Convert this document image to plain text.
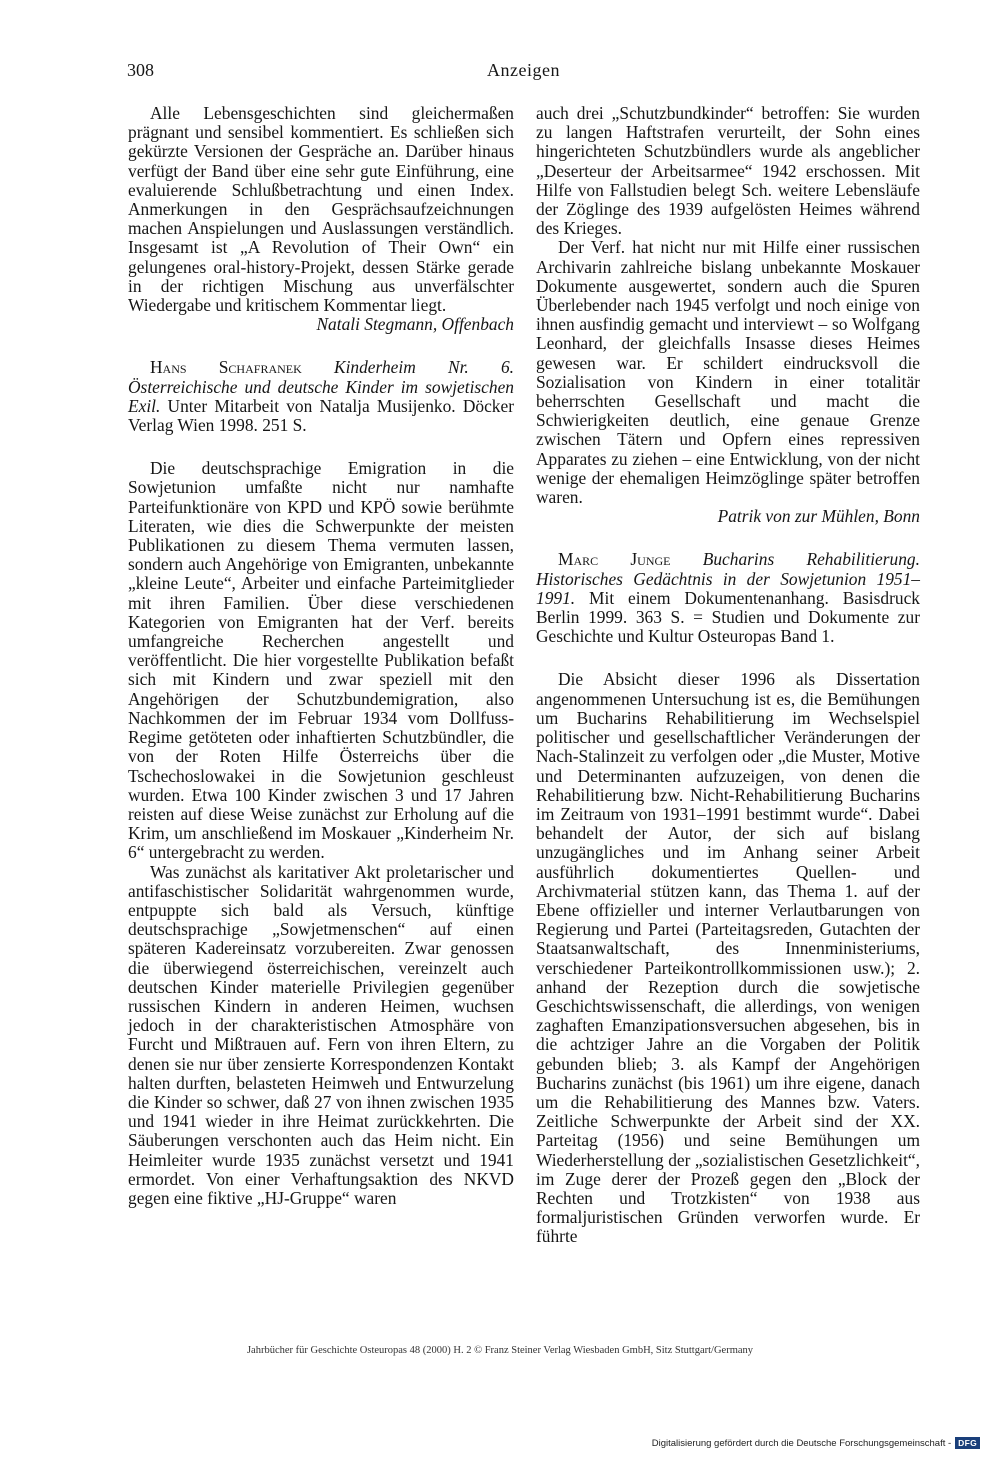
308	Anzeigen

Alle Lebensgeschichten sind gleichermaßen prägnant und sensibel kommentiert. Es schließen sich gekürzte Versionen der Gespräche an. Darüber hinaus verfügt der Band über eine sehr gute Einführung, eine evaluierende Schlußbetrachtung und einen Index. Anmerkungen in den Gesprächsaufzeichnungen machen Anspielungen und Auslassungen verständlich. Insgesamt ist „A Revolution of Their Own“ ein gelungenes oral-history-Projekt, dessen Stärke gerade in der richtigen Mischung aus unverfälschter Wiedergabe und kritischem Kommentar liegt.

Natali Stegmann, Offenbach

Hans Schafranek Kinderheim Nr. 6. Österreichische und deutsche Kinder im sowjetischen Exil. Unter Mitarbeit von Natalja Musijenko. Döcker Verlag Wien 1998. 251 S.

Die deutschsprachige Emigration in die Sowjetunion umfaßte nicht nur namhafte Parteifunktionäre von KPD und KPÖ sowie berühmte Literaten, wie dies die Schwerpunkte der meisten Publikationen zu diesem Thema vermuten lassen, sondern auch Angehörige von Emigranten, unbekannte „kleine Leute“, Arbeiter und einfache Parteimitglieder mit ihren Familien. Über diese verschiedenen Kategorien von Emigranten hat der Verf. bereits umfangreiche Recherchen angestellt und veröffentlicht. Die hier vorgestellte Publikation befaßt sich mit Kindern und zwar speziell mit den Angehörigen der Schutzbundemigration, also Nachkommen der im Februar 1934 vom Dollfuss-Regime getöteten oder inhaftierten Schutzbündler, die von der Roten Hilfe Österreichs über die Tschechoslowakei in die Sowjetunion geschleust wurden. Etwa 100 Kinder zwischen 3 und 17 Jahren reisten auf diese Weise zunächst zur Erholung auf die Krim, um anschließend im Moskauer „Kinderheim Nr. 6“ untergebracht zu werden.

Was zunächst als karitativer Akt proletarischer und antifaschistischer Solidarität wahrgenommen wurde, entpuppte sich bald als Versuch, künftige deutschsprachige „Sowjetmenschen“ auf einen späteren Kadereinsatz vorzubereiten. Zwar genossen die überwiegend österreichischen, vereinzelt auch deutschen Kinder materielle Privilegien gegenüber russischen Kindern in anderen Heimen, wuchsen jedoch in der charakteristischen Atmosphäre von Furcht und Mißtrauen auf. Fern von ihren Eltern, zu denen sie nur über zensierte Korrespondenzen Kontakt halten durften, belasteten Heimweh und Entwurzelung die Kinder so schwer, daß 27 von ihnen zwischen 1935 und 1941 wieder in ihre Heimat zurückkehrten. Die Säuberungen verschonten auch das Heim nicht. Ein Heimleiter wurde 1935 zunächst versetzt und 1941 ermordet. Von einer Verhaftungsaktion des NKVD gegen eine fiktive „HJ-Gruppe“ waren

auch drei „Schutzbundkinder“ betroffen: Sie wurden zu langen Haftstrafen verurteilt, der Sohn eines hingerichteten Schutzbündlers wurde als angeblicher „Deserteur der Arbeitsarmee“ 1942 erschossen. Mit Hilfe von Fallstudien belegt Sch. weitere Lebensläufe der Zöglinge des 1939 aufgelösten Heimes während des Krieges.

Der Verf. hat nicht nur mit Hilfe einer russischen Archivarin zahlreiche bislang unbekannte Moskauer Dokumente ausgewertet, sondern auch die Spuren Überlebender nach 1945 verfolgt und noch einige von ihnen ausfindig gemacht und interviewt – so Wolfgang Leonhard, der gleichfalls Insasse dieses Heimes gewesen war. Er schildert eindrucksvoll die Sozialisation von Kindern in einer totalitär beherrschten Gesellschaft und macht die Schwierigkeiten deutlich, eine genaue Grenze zwischen Tätern und Opfern eines repressiven Apparates zu ziehen – eine Entwicklung, von der nicht wenige der ehemaligen Heimzöglinge später betroffen waren.

Patrik von zur Mühlen, Bonn

Marc Junge Bucharins Rehabilitierung. Historisches Gedächtnis in der Sowjetunion 1951–1991. Mit einem Dokumentenanhang. Basisdruck Berlin 1999. 363 S. = Studien und Dokumente zur Geschichte und Kultur Osteuropas Band 1.

Die Absicht dieser 1996 als Dissertation angenommenen Untersuchung ist es, die Bemühungen um Bucharins Rehabilitierung im Wechselspiel politischer und gesellschaftlicher Veränderungen der Nach-Stalinzeit zu verfolgen oder „die Muster, Motive und Determinanten aufzuzeigen, von denen die Rehabilitierung bzw. Nicht-Rehabilitierung Bucharins im Zeitraum von 1931–1991 bestimmt wurde“. Dabei behandelt der Autor, der sich auf bislang unzugängliches und im Anhang seiner Arbeit ausführlich dokumentiertes Quellen- und Archivmaterial stützen kann, das Thema 1. auf der Ebene offizieller und interner Verlautbarungen von Regierung und Partei (Parteitagsreden, Gutachten der Staatsanwaltschaft, des Innenministeriums, verschiedener Parteikontrollkommissionen usw.); 2. anhand der Rezeption durch die sowjetische Geschichtswissenschaft, die allerdings, von wenigen zaghaften Emanzipationsversuchen abgesehen, bis in die achtziger Jahre an die Vorgaben der Politik gebunden blieb; 3. als Kampf der Angehörigen Bucharins zunächst (bis 1961) um ihre eigene, danach um die Rehabilitierung des Mannes bzw. Vaters. Zeitliche Schwerpunkte der Arbeit sind der XX. Parteitag (1956) und seine Bemühungen um Wiederherstellung der „sozialistischen Gesetzlichkeit“, im Zuge derer der Prozeß gegen den „Block der Rechten und Trotzkisten“ von 1938 aus formaljuristischen Gründen verworfen wurde. Er führte

Jahrbücher für Geschichte Osteuropas 48 (2000) H. 2 © Franz Steiner Verlag Wiesbaden GmbH, Sitz Stuttgart/Germany
Digitalisierung gefördert durch die Deutsche Forschungsgemeinschaft - DFG
